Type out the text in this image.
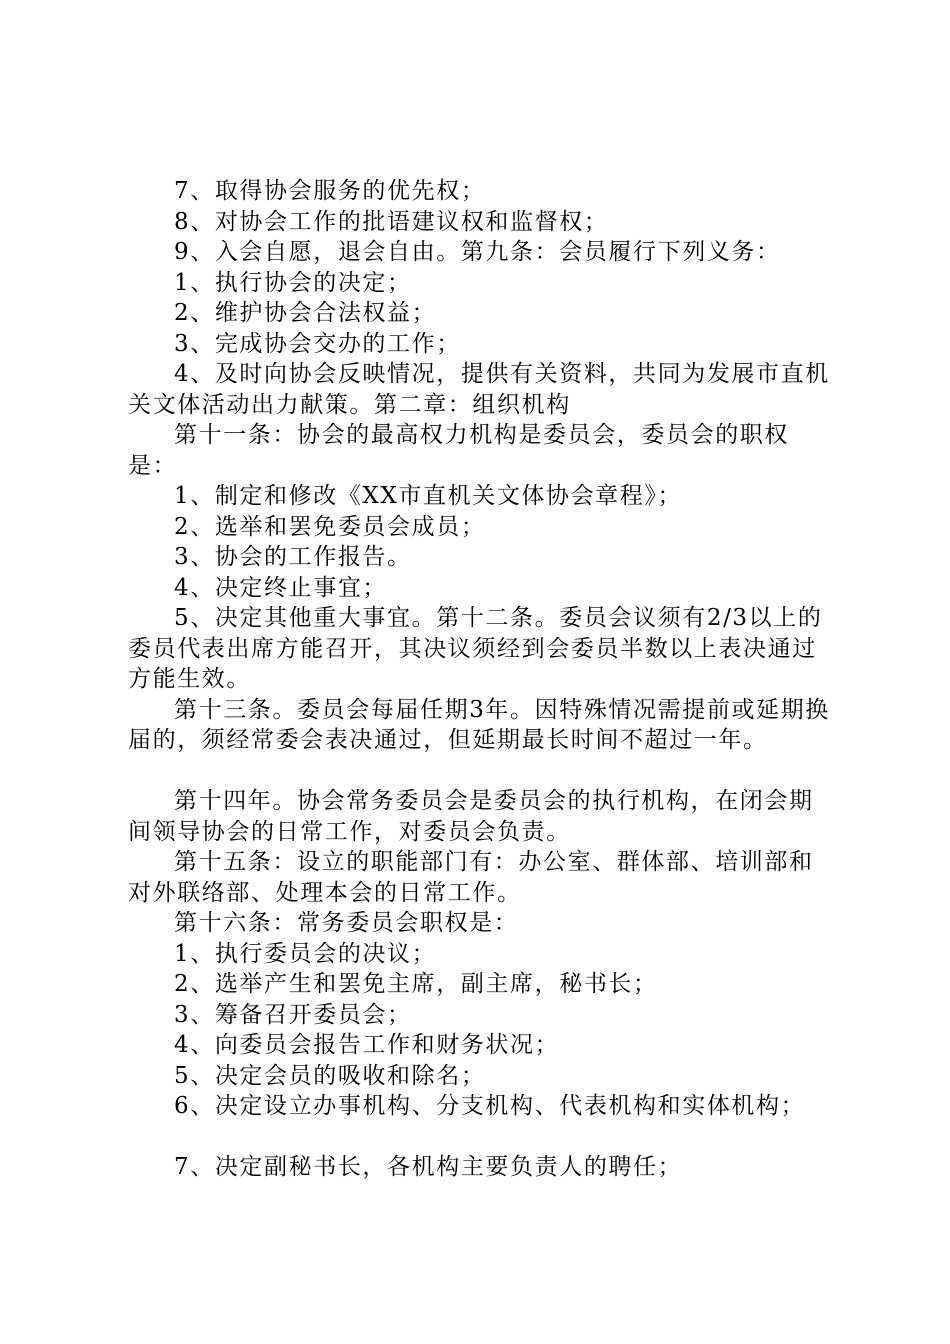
7、取得协会服务的优先权；

8、对协会工作的批语建议权和监督权；

9、入会自愿，退会自由。第九条：会员履行下列义务：

1、执行协会的决定；

2、维护协会合法权益；

3、完成协会交办的工作；

4、及时向协会反映情况，提供有关资料，共同为发展市直机关文体活动出力献策。第二章：组织机构

第十一条：协会的最高权力机构是委员会，委员会的职权是：

1、制定和修改《XX市直机关文体协会章程》；

2、选举和罢免委员会成员；

3、协会的工作报告。

4、决定终止事宜；

5、决定其他重大事宜。第十二条。委员会议须有2/3以上的委员代表出席方能召开，其决议须经到会委员半数以上表决通过方能生效。

第十三条。委员会每届任期3年。因特殊情况需提前或延期换届的，须经常委会表决通过，但延期最长时间不超过一年。

第十四年。协会常务委员会是委员会的执行机构，在闭会期间领导协会的日常工作，对委员会负责。

第十五条：设立的职能部门有：办公室、群体部、培训部和对外联络部、处理本会的日常工作。

第十六条：常务委员会职权是：

1、执行委员会的决议；

2、选举产生和罢免主席，副主席，秘书长；

3、筹备召开委员会；

4、向委员会报告工作和财务状况；

5、决定会员的吸收和除名；

6、决定设立办事机构、分支机构、代表机构和实体机构；

7、决定副秘书长，各机构主要负责人的聘任；
